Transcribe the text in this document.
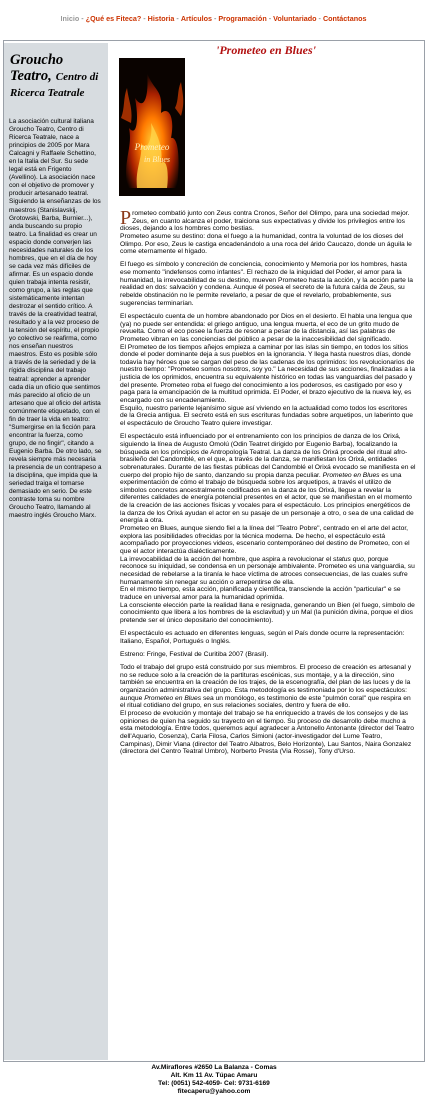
Inicio - ¿Qué es Fiteca? - Historia - Artículos - Programación - Voluntariado - Contáctanos
Groucho Teatro, Centro di Ricerca Teatrale
La asociación cultural italiana Groucho Teatro, Centro di Ricerca Teatrale, nace a principios de 2005 por Mara Calcagni y Raffaele Schettino, en la Italia del Sur. Su sede legal está en Frigento (Avellino). La asociación nace con el objetivo de promover y producir artesanado teatral. Siguiendo la enseñanzas de los maestros (Stanislavskij, Grotowski, Barba, Burnier...), anda buscando su propio teatro. La finalidad es crear un espacio donde converjen las necesidades naturales de los hombres, que en el día de hoy se cada vez más difíciles de afirmar. Es un espacio donde quien trabaja intenta resistir, como grupo, a las reglas que sistemáticamente intentan destrozar el sentido crítico. A través de la creatividad teatral, resultado y a la vez proceso de la tensión del espíritu, el propio yo colectivo se reafirma, como nos enseñan nuestros maestros. Esto es posible sólo a través de la seriedad y de la rígida disciplina del trabajo teatral: aprender a aprender cada día un oficio que sentimos más parecido al oficio de un artesano que al oficio del artista comúnmente etiquetado, con el fin de traer la vida en teatro: "Sumergirse en la ficción para encontrar la fuerza, como grupo, de no fingir", citando a Eugenio Barba. De otro lado, se revela siempre más necesaria la presencia de un contrapeso a la disciplina, que impida que la seriedad traiga el tomarse demasiado en serio. De este contraste toma su nombre Groucho Teatro, llamando al maestro inglés Groucho Marx.
'Prometeo en Blues'
Prometeo
in Blues

Prometeo combatió junto con Zeus contra Cronos, Señor del Olimpo, para una sociedad mejor. Zeus, en cuanto alcanza el poder, traiciona sus expectativas y divide los privilegios entre los dioses, dejando a los hombres como bestias.

Prometeo asume su destino: dona el fuego a la humanidad, contra la voluntad de los dioses del Olimpo. Por eso, Zeus le castiga encadenándolo a una roca del árido Caucazo, donde un águila le come eternamente el hígado.

El fuego es símbolo y concreción de conciencia, conocimiento y Memoria por los hombres, hasta ese momento "indefensos como infantes". El rechazo de la iniquidad del Poder, el amor para la humanidad, la irrevocabilidad de su destino, mueven Prometeo hasta la acción, y la acción parte la realidad en dos: salvación y condena. Aunque él posea el secreto de la futura caída de Zeus, su rebelde obstinación no le permite revelarlo, a pesar de que el revelarlo, probablemente, sus sugerencias terminarían.

El espectáculo cuenta de un hombre abandonado por Dios en el desierto. El habla una lengua que (ya) no puede ser entendida: el griego antiguo, una lengua muerta, el eco de un grito mudo de revuelta. Como el eco posee la fuerza de resonar a pesar de la distancia, así las palabras de Prometeo vibran en las conciencias del público a pesar de la inaccesibilidad del significado.

El Prometeo de los tiempos añejos empieza a caminar por las islas sin tiempo, en todos los sitios donde el poder dominante deja a sus pueblos en la ignorancia. Y llega hasta nuestros días, donde todavía hay héroes que se cargan del peso de las cadenas de los oprimidos: los revolucionarios de nuestro tiempo: "Prometeo somos nosotros, soy yo." La necesidad de sus acciones, finalizadas a la justicia de los oprimidos, encuentra su equivalente histórico en todas las vanguardias del pasado y del presente. Prometeo roba el fuego del conocimiento a los poderosos, es castigado por eso y paga para la emancipación de la multitud oprimida. El Poder, el brazo ejecutivo de la nueva ley, es encargado con su encadenamiento.

Esquilo, nuestro pariente lejanísimo sigue así viviendo en la actualidad como todos los escritores de la Grecia antigua. El secreto está en sus escrituras fundadas sobre arquetipos, un laberinto que el espectáculo de Groucho Teatro quiere investigar.

El espectáculo está influenciado por el entrenamiento con los principios de danza de los Orixá, siguiendo la línea de Augusto Omolú (Odin Teatret dirigido por Eugenio Barba), focalizando la búsqueda en los principios de Antropología Teatral. La danza de los Orixá procede del ritual afro-brasileño del Candomblé, en el que, a través de la danza, se manifiestan los Orixá, entidades sobrenaturales. Durante de las fiestas públicas del Candomblé el Orixá evocado se manifiesta en el cuerpo del propio hijo de santo, danzando su propia danza peculiar. Prometeo en Blues es una experimentación de cómo el trabajo de búsqueda sobre los arquetipos, a través el utilizo de símbolos concretos ancestralmente codificados en la danza de los Orixá, llegue a revelar la diferentes calidades de energía potencial presentes en el actor, que se manifiestan en el momento de la creación de las acciones físicas y vocales para el espectáculo. Los principios energéticos de la danza de los Orixá ayudan el actor en su pasaje de un personaje a otro, o sea de una calidad de energía a otra.

Prometeo en Blues, aunque siendo fiel a la línea del "Teatro Pobre", centrado en el arte del actor, explora las posibilidades ofrecidas por la técnica moderna. De hecho, el espectáculo está acompañado por proyecciones videos, escenario contemporáneo del destino de Prometeo, con el que el actor interactúa dialécticamente.

La irrevocabilidad de la acción del hombre, que aspira a revolucionar el status quo, porque reconoce su iniquidad, se condensa en un personaje ambivalente. Prometeo es una vanguardia, su necesidad de rebelarse a la tiranía le hace víctima de atroces consecuencias, de las cuales sufre humanamente sin renegar su acción o arrepentirse de ella.

En el mismo tiempo, esta acción, planificada y científica, transciende la acción "particular" e se traduce en universal amor para la humanidad oprimida.

La consciente elección parte la realidad llana e resignada, generando un Bien (el fuego, símbolo de conocimiento que libera a los hombres de la esclavitud) y un Mal (la punición divina, porque el dios pretende ser el único depositario del conocimiento).

El espectáculo es actuado en diferentes lenguas, según el País donde ocurre la representación: Italiano, Español, Portugués o Inglés.

Estreno: Fringe, Festival de Curitiba 2007 (Brasil).

Todo el trabajo del grupo está construido por sus miembros. El proceso de creación es artesanal y no se reduce solo a la creación de la partituras escénicas, sus montaje, y a la dirección, sino también se encuentra en la creación de los trajes, de la escenografía, del plan de las luces y de la organización administrativa del grupo. Esta metodología es testimoniada por lo los espectáculos: aunque Prometeo en Blues sea un monólogo, es testimonio de este "pulmón coral" que respira en el ritual cotidiano del grupo, en sus relaciones sociales, dentro y fuera de ello.

El proceso de evolución y montaje del trabajo se ha enriquecido a través de los consejos y de las opiniones de quien ha seguido su trayecto en el tiempo. Su proceso de desarrollo debe mucho a esta metodología. Entre todos, queremos aquí agradecer a Antonello Antonante (director del Teatro dell'Aquario, Cosenza), Carla Filosa, Carlos Simioni (actor-investigador del Lume Teatro, Campinas), Dimir Viana (director del Teatro Albatros, Belo Horizonte), Lau Santos, Naira Gonzalez (directora del Centro Teatral Umbro), Norberto Presta (Via Rosse), Tony d'Urso.

Av.Miraflores #2650 La Balanza - Comas
Alt. Km 11 Av. Túpac Amaru
Tel: (0051) 542-4059- Cel: 9731-6169
fitecaperu@yahoo.com
